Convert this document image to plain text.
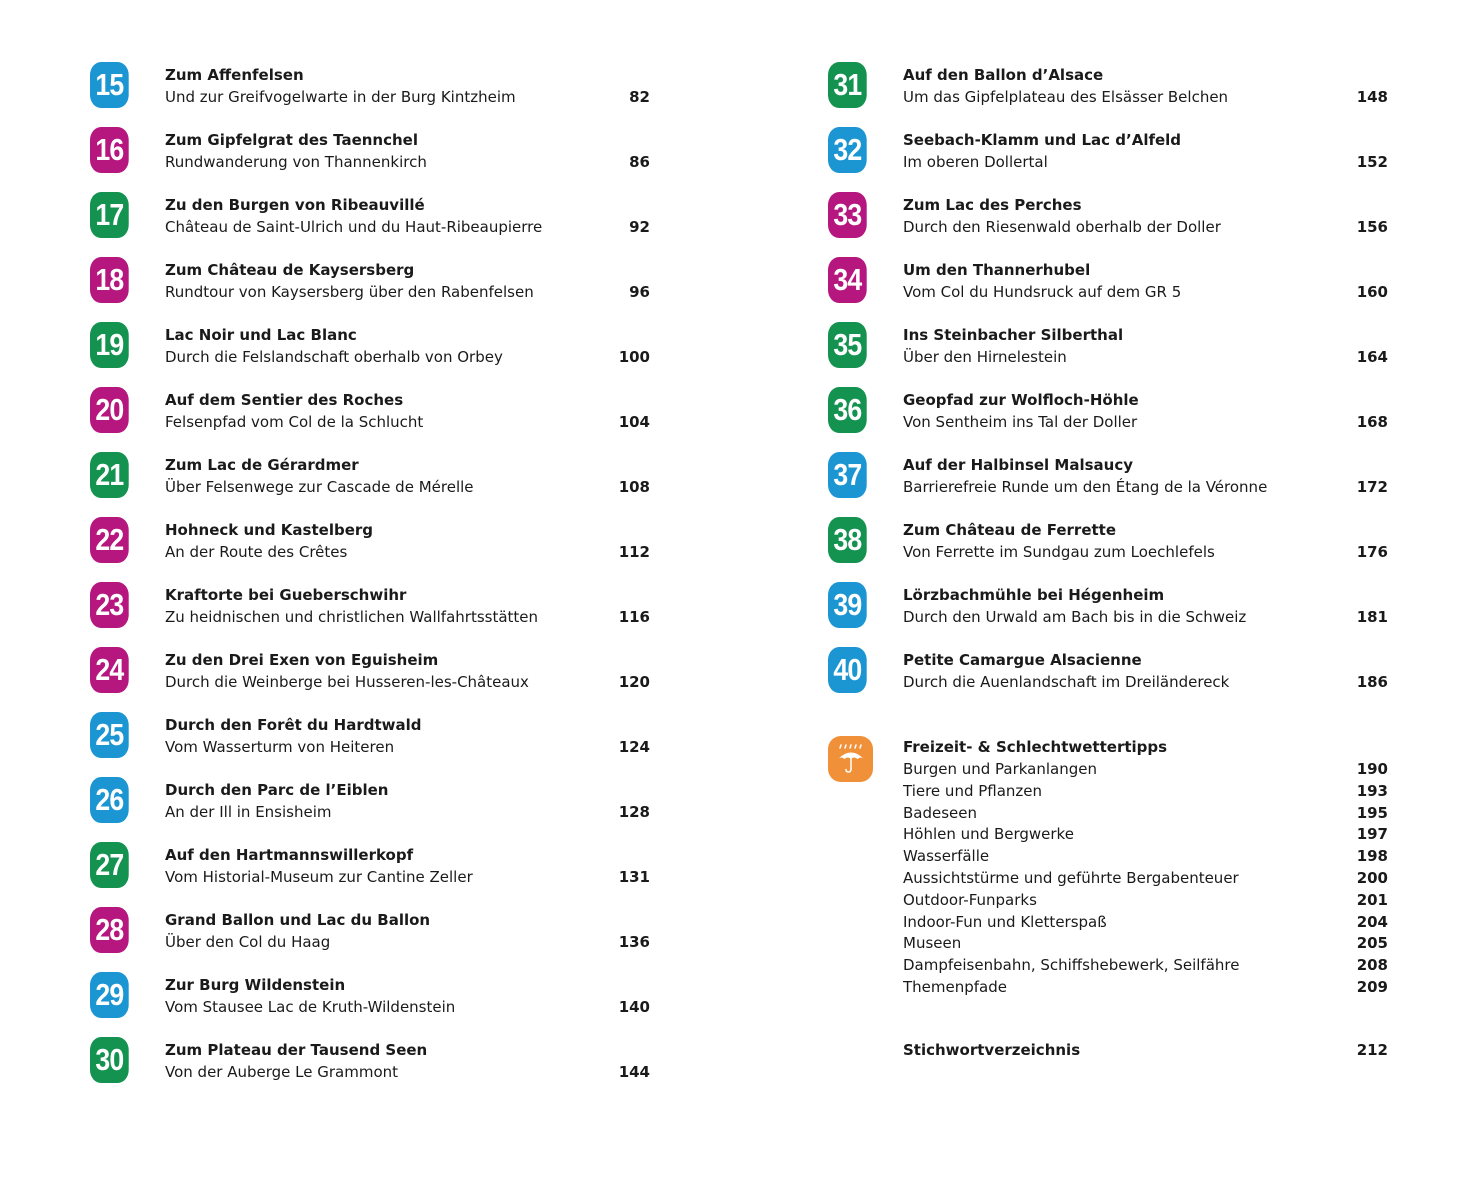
15	Zum Affenfelsen
Und zur Greifvogelwarte in der Burg Kintzheim	82
16	Zum Gipfelgrat des Taennchel
Rundwanderung von Thannenkirch	86
17	Zu den Burgen von Ribeauvillé
Château de Saint-Ulrich und du Haut-Ribeaupierre	92
18	Zum Château de Kaysersberg
Rundtour von Kaysersberg über den Rabenfelsen	96
19	Lac Noir und Lac Blanc
Durch die Felslandschaft oberhalb von Orbey	100
20	Auf dem Sentier des Roches
Felsenpfad vom Col de la Schlucht	104
21	Zum Lac de Gérardmer
Über Felsenwege zur Cascade de Mérelle	108
22	Hohneck und Kastelberg
An der Route des Crêtes	112
23	Kraftorte bei Gueberschwihr
Zu heidnischen und christlichen Wallfahrtsstätten	116
24	Zu den Drei Exen von Eguisheim
Durch die Weinberge bei Husseren-les-Châteaux	120
25	Durch den Forêt du Hardtwald
Vom Wasserturm von Heiteren	124
26	Durch den Parc de l’Eiblen
An der Ill in Ensisheim	128
27	Auf den Hartmannswillerkopf
Vom Historial-Museum zur Cantine Zeller	131
28	Grand Ballon und Lac du Ballon
Über den Col du Haag	136
29	Zur Burg Wildenstein
Vom Stausee Lac de Kruth-Wildenstein	140
30	Zum Plateau der Tausend Seen
Von der Auberge Le Grammont	144
31	Auf den Ballon d’Alsace
Um das Gipfelplateau des Elsässer Belchen	148
32	Seebach-Klamm und Lac d’Alfeld
Im oberen Dollertal	152
33	Zum Lac des Perches
Durch den Riesenwald oberhalb der Doller	156
34	Um den Thannerhubel
Vom Col du Hundsruck auf dem GR 5	160
35	Ins Steinbacher Silberthal
Über den Hirnelestein	164
36	Geopfad zur Wolfloch-Höhle
Von Sentheim ins Tal der Doller	168
37	Auf der Halbinsel Malsaucy
Barrierefreie Runde um den Étang de la Véronne	172
38	Zum Château de Ferrette
Von Ferrette im Sundgau zum Loechlefels	176
39	Lörzbachmühle bei Hégenheim
Durch den Urwald am Bach bis in die Schweiz	181
40	Petite Camargue Alsacienne
Durch die Auenlandschaft im Dreiländereck	186
Freizeit- & Schlechtwettertipps
Burgen und Parkanlangen	190
Tiere und Pflanzen	193
Badeseen	195
Höhlen und Bergwerke	197
Wasserfälle	198
Aussichtstürme und geführte Bergabenteuer	200
Outdoor-Funparks	201
Indoor-Fun und Kletterspaß	204
Museen	205
Dampfeisenbahn, Schiffshebewerk, Seilfähre	208
Themenpfade	209
Stichwortverzeichnis	212
